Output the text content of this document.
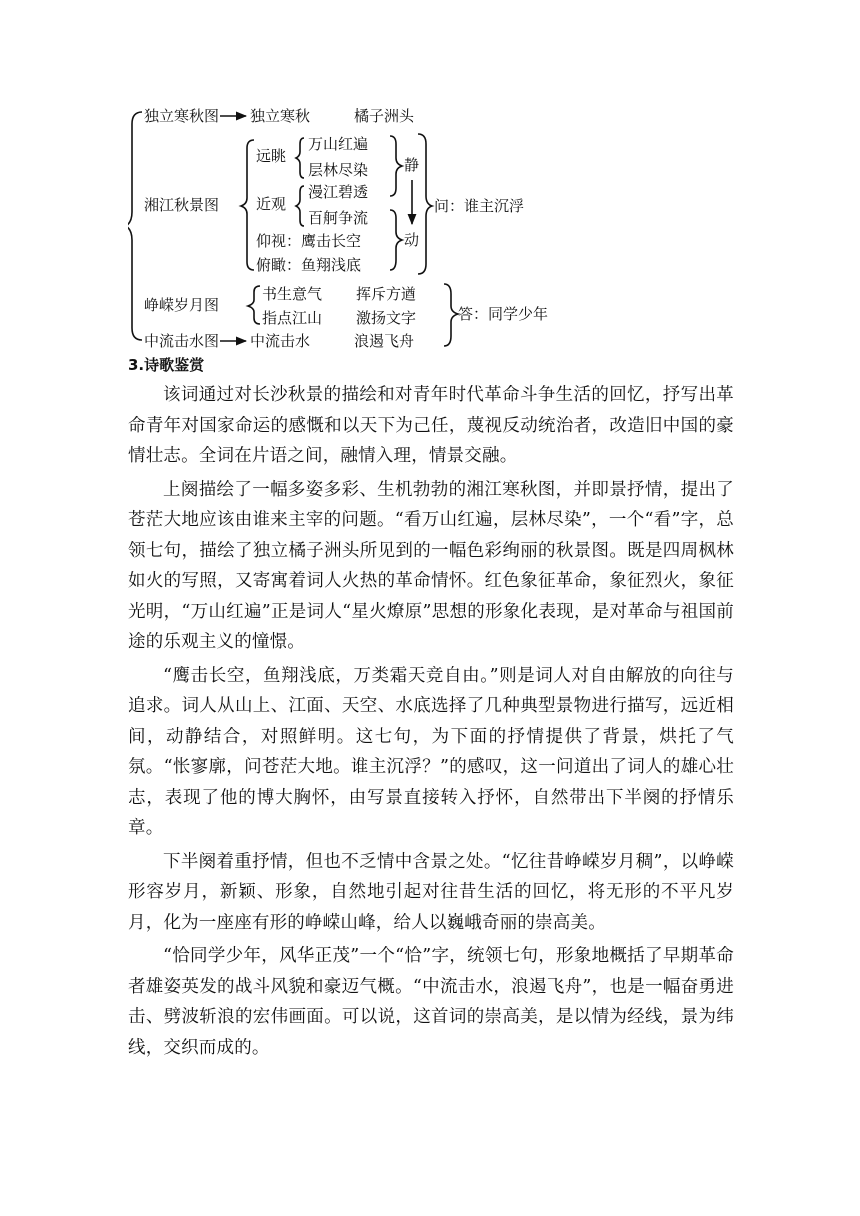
独立寒秋图 独立寒秋	橘子洲头
湘江秋景图
远眺
万山红遍
层林尽染
近观
漫江碧透
百舸争流
仰视：鹰击长空
俯瞰：鱼翔浅底
静
动
问：谁主沉浮
峥嵘岁月图
书生意气 挥斥方遒
指点江山 激扬文字	答：同学少年
中流击水图 中流击水	浪遏飞舟
3.诗歌鉴赏

该词通过对长沙秋景的描绘和对青年时代革命斗争生活的回忆，抒写出革命青年对国家命运的感慨和以天下为己任，蔑视反动统治者，改造旧中国的豪情壮志。全词在片语之间，融情入理，情景交融。

上阕描绘了一幅多姿多彩、生机勃勃的湘江寒秋图，并即景抒情，提出了苍茫大地应该由谁来主宰的问题。“看万山红遍，层林尽染”，一个“看”字，总领七句，描绘了独立橘子洲头所见到的一幅色彩绚丽的秋景图。既是四周枫林如火的写照，又寄寓着词人火热的革命情怀。红色象征革命，象征烈火，象征光明，“万山红遍”正是词人“星火燎原”思想的形象化表现，是对革命与祖国前途的乐观主义的憧憬。

“鹰击长空，鱼翔浅底，万类霜天竞自由。”则是词人对自由解放的向往与追求。词人从山上、江面、天空、水底选择了几种典型景物进行描写，远近相间，动静结合，对照鲜明。这七句，为下面的抒情提供了背景，烘托了气氛。“怅寥廓，问苍茫大地。谁主沉浮？”的感叹，这一问道出了词人的雄心壮志，表现了他的博大胸怀，由写景直接转入抒怀，自然带出下半阕的抒情乐章。

下半阕着重抒情，但也不乏情中含景之处。“忆往昔峥嵘岁月稠”，以峥嵘形容岁月，新颖、形象，自然地引起对往昔生活的回忆，将无形的不平凡岁月，化为一座座有形的峥嵘山峰，给人以巍峨奇丽的崇高美。

“恰同学少年，风华正茂”一个“恰”字，统领七句，形象地概括了早期革命者雄姿英发的战斗风貌和豪迈气概。“中流击水，浪遏飞舟”，也是一幅奋勇进击、劈波斩浪的宏伟画面。可以说，这首词的崇高美，是以情为经线，景为纬线，交织而成的。
